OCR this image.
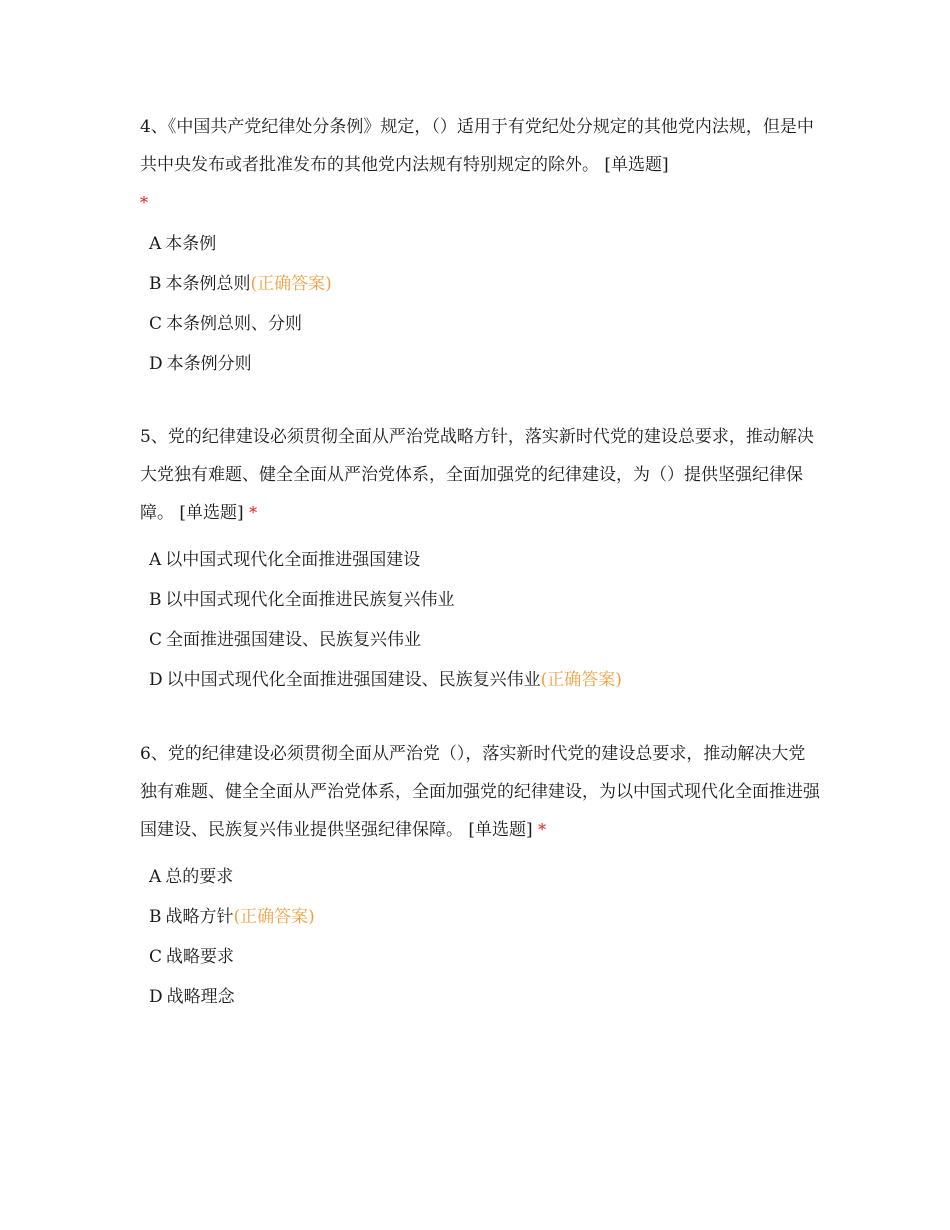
4、《中国共产党纪律处分条例》规定，（）适用于有党纪处分规定的其他党内法规，但是中共中央发布或者批准发布的其他党内法规有特别规定的除外。 [单选题]
*

A 本条例
B 本条例总则(正确答案)
C 本条例总则、分则
D 本条例分则

5、党的纪律建设必须贯彻全面从严治党战略方针，落实新时代党的建设总要求，推动解决大党独有难题、健全全面从严治党体系，全面加强党的纪律建设，为（）提供坚强纪律保障。 [单选题] *

A 以中国式现代化全面推进强国建设
B 以中国式现代化全面推进民族复兴伟业
C 全面推进强国建设、民族复兴伟业
D 以中国式现代化全面推进强国建设、民族复兴伟业(正确答案)

6、党的纪律建设必须贯彻全面从严治党（），落实新时代党的建设总要求，推动解决大党独有难题、健全全面从严治党体系，全面加强党的纪律建设，为以中国式现代化全面推进强国建设、民族复兴伟业提供坚强纪律保障。 [单选题] *

A 总的要求
B 战略方针(正确答案)
C 战略要求
D 战略理念
